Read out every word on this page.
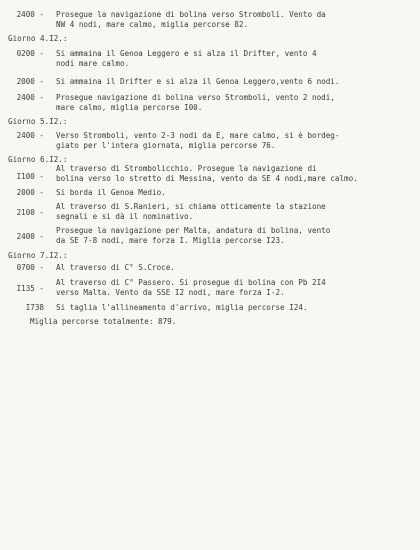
2400 - Prosegue la navigazione di bolina verso Stromboli. Vento da
NW 4 nodi, mare calmo, miglia percorse 82.
Giorno 4.I2.:
0200 - Si ammaina il Genoa Leggero e si alza il Drifter, vento 4
nodi mare calmo.
2000 - Si ammaina il Drifter e si alza il Genoa Leggero,vento 6 nodi.
2400 - Prosegue navigazione di bolina verso Stromboli, vento 2 nodi,
mare calmo, miglia percorse I00.
Giorno 5.I2.:
2400 - Verso Stromboli, vento 2-3 nodi da E, mare calmo, si è bordeg-
giato per l'intera giornata, miglia percorse 76.
Giorno 6.I2.:
I100 -
Al traverso di Strombolicchio. Prosegue la navigazione di
bolina verso lo stretto di Messina, vento da SE 4 nodi,mare calmo.
2000 - Si borda il Genoa Medio.
2100 -
Al traverso di S.Ranieri, si chiama otticamente la stazione
segnali e si dà il nominativo.
2400 -
Prosegue la navigazione per Malta, andatura di bolina, vento
da SE 7-8 nodi, mare forza I. Miglia percorse I23.
Giorno 7.I2.:
0700 - Al traverso di C° S.Croce.
I135 -
Al traverso di C° Passero. Si prosegue di bolina con Pb 2I4
verso Malta. Vento da SSE I2 nodi, mare forza I-2.
I738 Si taglia l'allineamento d'arrivo, miglia percorse I24.
Miglia percorse totalmente: 879.
